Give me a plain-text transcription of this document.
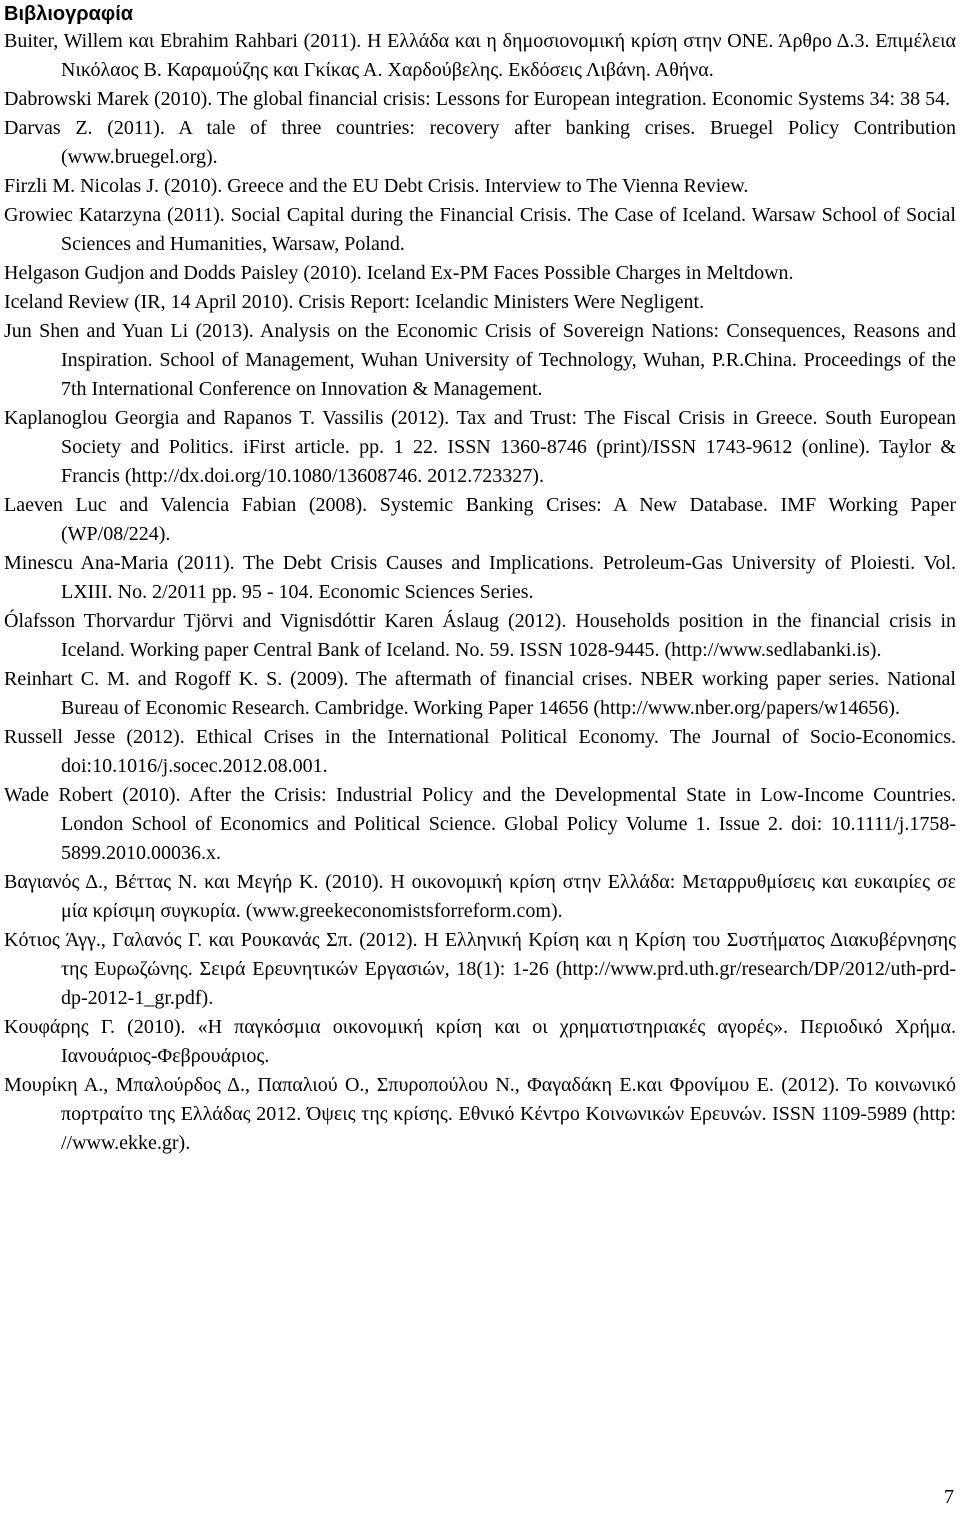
Βιβλιογραφία
Buiter, Willem και Ebrahim Rahbari (2011). Η Ελλάδα και η δημοσιονομική κρίση στην ΟΝΕ. Άρθρο Δ.3. Επιμέλεια Νικόλαος Β. Καραμούζης και Γκίκας Α. Χαρδούβελης. Εκδόσεις Λιβάνη. Αθήνα.
Dabrowski Marek (2010). The global financial crisis: Lessons for European integration. Economic Systems 34: 38 54.
Darvas Z. (2011). A tale of three countries: recovery after banking crises. Bruegel Policy Contribution (www.bruegel.org).
Firzli M. Nicolas J. (2010). Greece and the EU Debt Crisis. Interview to The Vienna Review.
Growiec Katarzyna (2011). Social Capital during the Financial Crisis. The Case of Iceland. Warsaw School of Social Sciences and Humanities, Warsaw, Poland.
Helgason Gudjon and Dodds Paisley (2010). Iceland Ex-PM Faces Possible Charges in Meltdown.
Iceland Review (IR, 14 April 2010). Crisis Report: Icelandic Ministers Were Negligent.
Jun Shen and Yuan Li (2013). Analysis on the Economic Crisis of Sovereign Nations: Consequences, Reasons and Inspiration. School of Management, Wuhan University of Technology, Wuhan, P.R.China. Proceedings of the 7th International Conference on Innovation & Management.
Kaplanoglou Georgia and Rapanos T. Vassilis (2012). Tax and Trust: The Fiscal Crisis in Greece. South European Society and Politics. iFirst article. pp. 1 22. ISSN 1360-8746 (print)/ISSN 1743-9612 (online). Taylor & Francis (http://dx.doi.org/10.1080/13608746. 2012.723327).
Laeven Luc and Valencia Fabian (2008). Systemic Banking Crises: A New Database. IMF Working Paper (WP/08/224).
Minescu Ana-Maria (2011). The Debt Crisis Causes and Implications. Petroleum-Gas University of Ploiesti. Vol. LXIII. No. 2/2011 pp. 95 - 104. Economic Sciences Series.
Ólafsson Thorvardur Tjörvi and Vignisdóttir Karen Áslaug (2012). Households position in the financial crisis in Iceland. Working paper Central Bank of Iceland. No. 59. ISSN 1028-9445. (http://www.sedlabanki.is).
Reinhart C. M. and Rogoff K. S. (2009). The aftermath of financial crises. NBER working paper series. National Bureau of Economic Research. Cambridge. Working Paper 14656 (http://www.nber.org/papers/w14656).
Russell Jesse (2012). Ethical Crises in the International Political Economy. The Journal of Socio-Economics. doi:10.1016/j.socec.2012.08.001.
Wade Robert (2010). After the Crisis: Industrial Policy and the Developmental State in Low-Income Countries. London School of Economics and Political Science. Global Policy Volume 1. Issue 2. doi: 10.1111/j.1758-5899.2010.00036.x.
Βαγιανός Δ., Βέττας Ν. και Μεγήρ Κ. (2010). Η οικονομική κρίση στην Ελλάδα: Μεταρρυθμίσεις και ευκαιρίες σε μία κρίσιμη συγκυρία. (www.greekeconomistsforreform.com).
Κότιος Άγγ., Γαλανός Γ. και Ρουκανάς Σπ. (2012). Η Ελληνική Κρίση και η Κρίση του Συστήματος Διακυβέρνησης της Ευρωζώνης. Σειρά Ερευνητικών Εργασιών, 18(1): 1-26 (http://www.prd.uth.gr/research/DP/2012/uth-prd-dp-2012-1_gr.pdf).
Κουφάρης Γ. (2010). «Η παγκόσμια οικονομική κρίση και οι χρηματιστηριακές αγορές». Περιοδικό Χρήμα. Ιανουάριος-Φεβρουάριος.
Μουρίκη Α., Μπαλούρδος Δ., Παπαλιού Ο., Σπυροπούλου Ν., Φαγαδάκη Ε.και Φρονίμου Ε. (2012). Το κοινωνικό πορτραίτο της Ελλάδας 2012. Όψεις της κρίσης. Εθνικό Κέντρο Κοινωνικών Ερευνών. ISSN 1109-5989 (http: //www.ekke.gr).
7
